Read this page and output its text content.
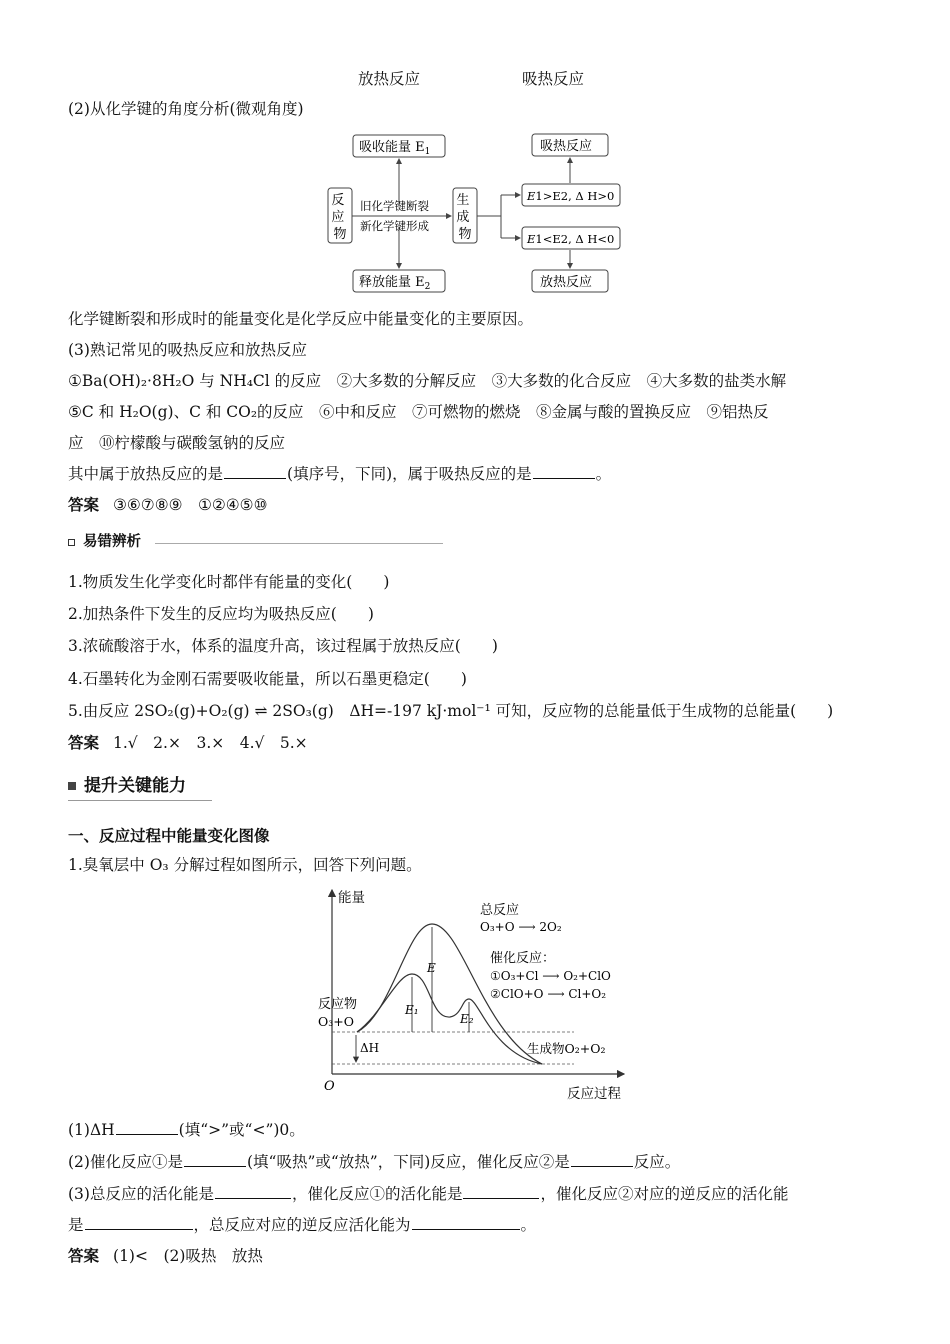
放热反应	吸热反应
(2)从化学键的角度分析(微观角度)
吸收能量 $E_1$
释放能量 $E_2$
反 应 物
生 成 物
旧化学键断裂
新化学键形成
吸热反应
放热反应
E1>E2, Δ H>0
E1<E2, Δ H<0
化学键断裂和形成时的能量变化是化学反应中能量变化的主要原因。
(3)熟记常见的吸热反应和放热反应
①Ba(OH)₂·8H₂O 与 NH₄Cl 的反应　②大多数的分解反应　③大多数的化合反应　④大多数的盐类水解
⑤C 和 H₂O(g)、C 和 CO₂的反应　⑥中和反应　⑦可燃物的燃烧　⑧金属与酸的置换反应　⑨铝热反
应　⑩柠檬酸与碳酸氢钠的反应
其中属于放热反应的是	(填序号，下同)，属于吸热反应的是	。
答案 ③⑥⑦⑧⑨　①②④⑤⑩
易错辨析
1.物质发生化学变化时都伴有能量的变化(　　)
2.加热条件下发生的反应均为吸热反应(　　)
3.浓硫酸溶于水，体系的温度升高，该过程属于放热反应(　　)
4.石墨转化为金刚石需要吸收能量，所以石墨更稳定(　　)
5.由反应 2SO₂(g)+O₂(g) ⇌ 2SO₃(g)　ΔH=-197 kJ·mol⁻¹ 可知，反应物的总能量低于生成物的总能量(　　)
答案 1.√　2.×　3.×　4.√　5.×
提升关键能力
一、反应过程中能量变化图像
1.臭氧层中 O₃ 分解过程如图所示，回答下列问题。
能量
反应过程
O
反应物
O₃+O
生成物O₂+O₂
总反应
O₃+O ⟶ 2O₂
催化反应：
①O₃+Cl ⟶ O₂+ClO
②ClO+O ⟶ Cl+O₂
E
E₁
E₂
ΔH
(1)ΔH	(填“>”或“<”)0。
(2)催化反应①是	(填“吸热”或“放热”，下同)反应，催化反应②是	反应。
(3)总反应的活化能是	，催化反应①的活化能是	，催化反应②对应的逆反应的活化能
是	，总反应对应的逆反应活化能为	。
答案 (1)<　(2)吸热　放热
